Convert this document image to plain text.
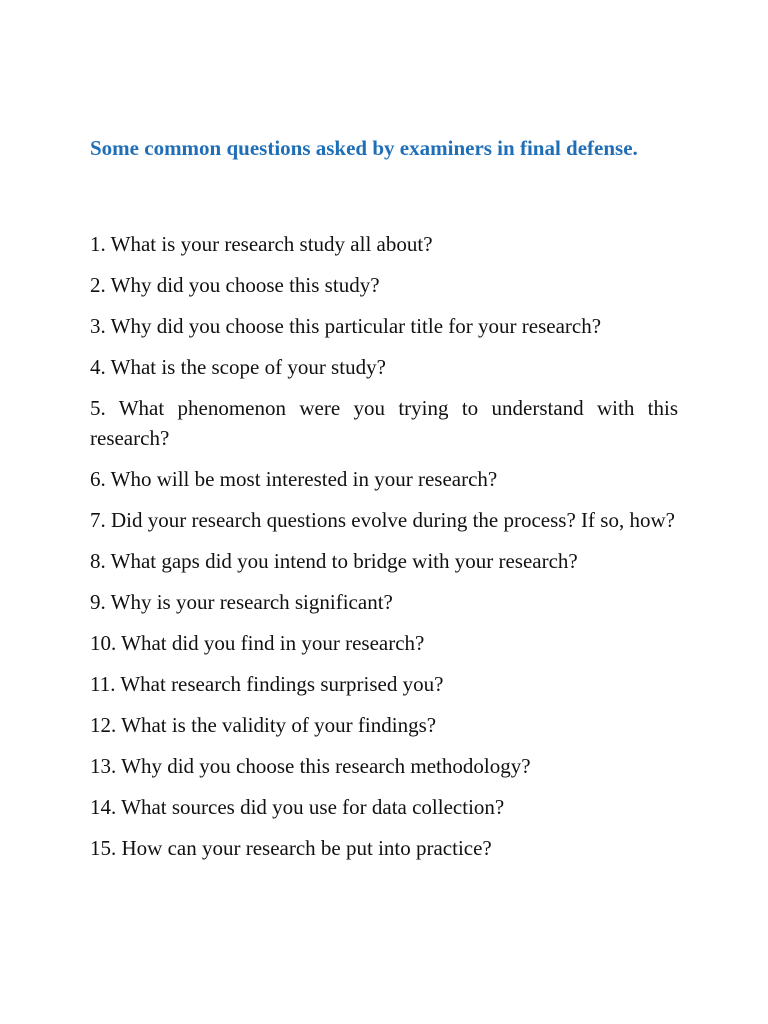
Some common questions asked by examiners in final defense.
1. What is your research study all about?
2. Why did you choose this study?
3. Why did you choose this particular title for your research?
4. What is the scope of your study?
5. What phenomenon were you trying to understand with this research?
6. Who will be most interested in your research?
7. Did your research questions evolve during the process? If so, how?
8. What gaps did you intend to bridge with your research?
9. Why is your research significant?
10. What did you find in your research?
11. What research findings surprised you?
12. What is the validity of your findings?
13. Why did you choose this research methodology?
14. What sources did you use for data collection?
15. How can your research be put into practice?
